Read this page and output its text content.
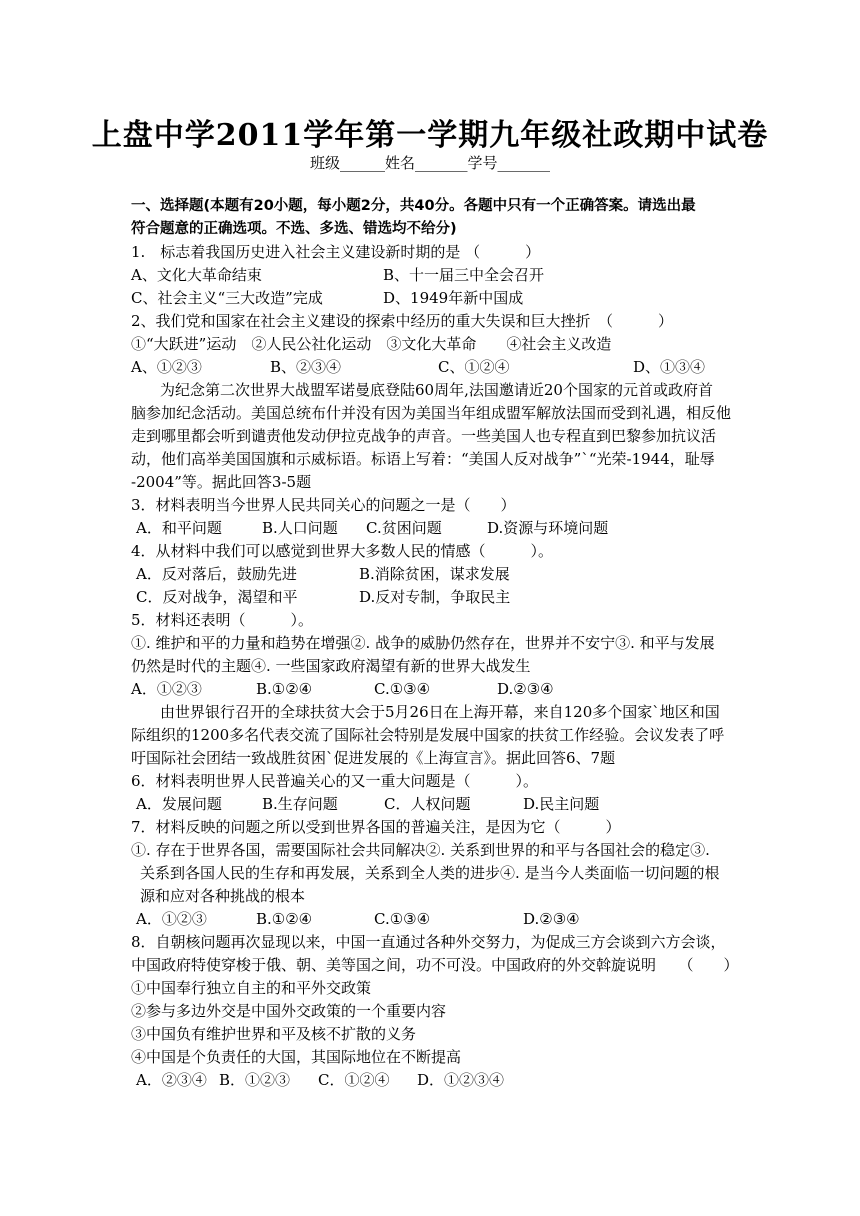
上盘中学2011学年第一学期九年级社政期中试卷
班级______姓名_______学号_______
一、选择题(本题有20小题，每小题2分，共40分。各题中只有一个正确答案。请选出最
符合题意的正确选项。不选、多选、错选均不给分)
1.　标志着我国历史进入社会主义建设新时期的是 （　　　）
A、文化大革命结束	B、十一届三中全会召开
C、社会主义“三大改造”完成	D、1949年新中国成
2、我们党和国家在社会主义建设的探索中经历的重大失误和巨大挫折　（　　　）
①“大跃进”运动　②人民公社化运动　③文化大革命　　④社会主义改造
A、①②③	B、②③④	C、①②④	D、①③④
为纪念第二次世界大战盟军诺曼底登陆60周年,法国邀请近20个国家的元首或政府首
脑参加纪念活动。美国总统布什并没有因为美国当年组成盟军解放法国而受到礼遇，相反他
走到哪里都会听到谴责他发动伊拉克战争的声音。一些美国人也专程直到巴黎参加抗议活
动，他们高举美国国旗和示威标语。标语上写着：“美国人反对战争”`“光荣-1944，耻辱
-2004”等。据此回答3-5题
3．材料表明当今世界人民共同关心的问题之一是（　　）
A．和平问题	B.人口问题 C.贫困问题	D.资源与环境问题
4．从材料中我们可以感觉到世界大多数人民的情感（　　　）。
A．反对落后，鼓励先进	B.消除贫困，谋求发展
C．反对战争，渴望和平	D.反对专制，争取民主
5．材料还表明（　　　）。
①. 维护和平的力量和趋势在增强②. 战争的威胁仍然存在，世界并不安宁③. 和平与发展
仍然是时代的主题④. 一些国家政府渴望有新的世界大战发生
A．①②③	B.①②④	C.①③④	D.②③④
由世界银行召开的全球扶贫大会于5月26日在上海开幕，来自120多个国家`地区和国
际组织的1200多名代表交流了国际社会特别是发展中国家的扶贫工作经验。会议发表了呼
吁国际社会团结一致战胜贫困`促进发展的《上海宣言》。据此回答6、7题
6．材料表明世界人民普遍关心的又一重大问题是（　　　）。
A．发展问题	B.生存问题	C．人权问题	D.民主问题
7．材料反映的问题之所以受到世界各国的普遍关注，是因为它（　　　）
①. 存在于世界各国，需要国际社会共同解决②. 关系到世界的和平与各国社会的稳定③.
关系到各国人民的生存和再发展，关系到全人类的进步④. 是当今人类面临一切问题的根
源和应对各种挑战的根本
A．①②③	B.①②④	C.①③④	D.②③④
8．自朝核问题再次显现以来，中国一直通过各种外交努力，为促成三方会谈到六方会谈，
中国政府特使穿梭于俄、朝、美等国之间，功不可没。中国政府的外交斡旋说明　　（　　）
①中国奉行独立自主的和平外交政策
②参与多边外交是中国外交政策的一个重要内容
③中国负有维护世界和平及核不扩散的义务
④中国是个负责任的大国，其国际地位在不断提高
A．②③④ B．①②③ C．①②④ D．①②③④
